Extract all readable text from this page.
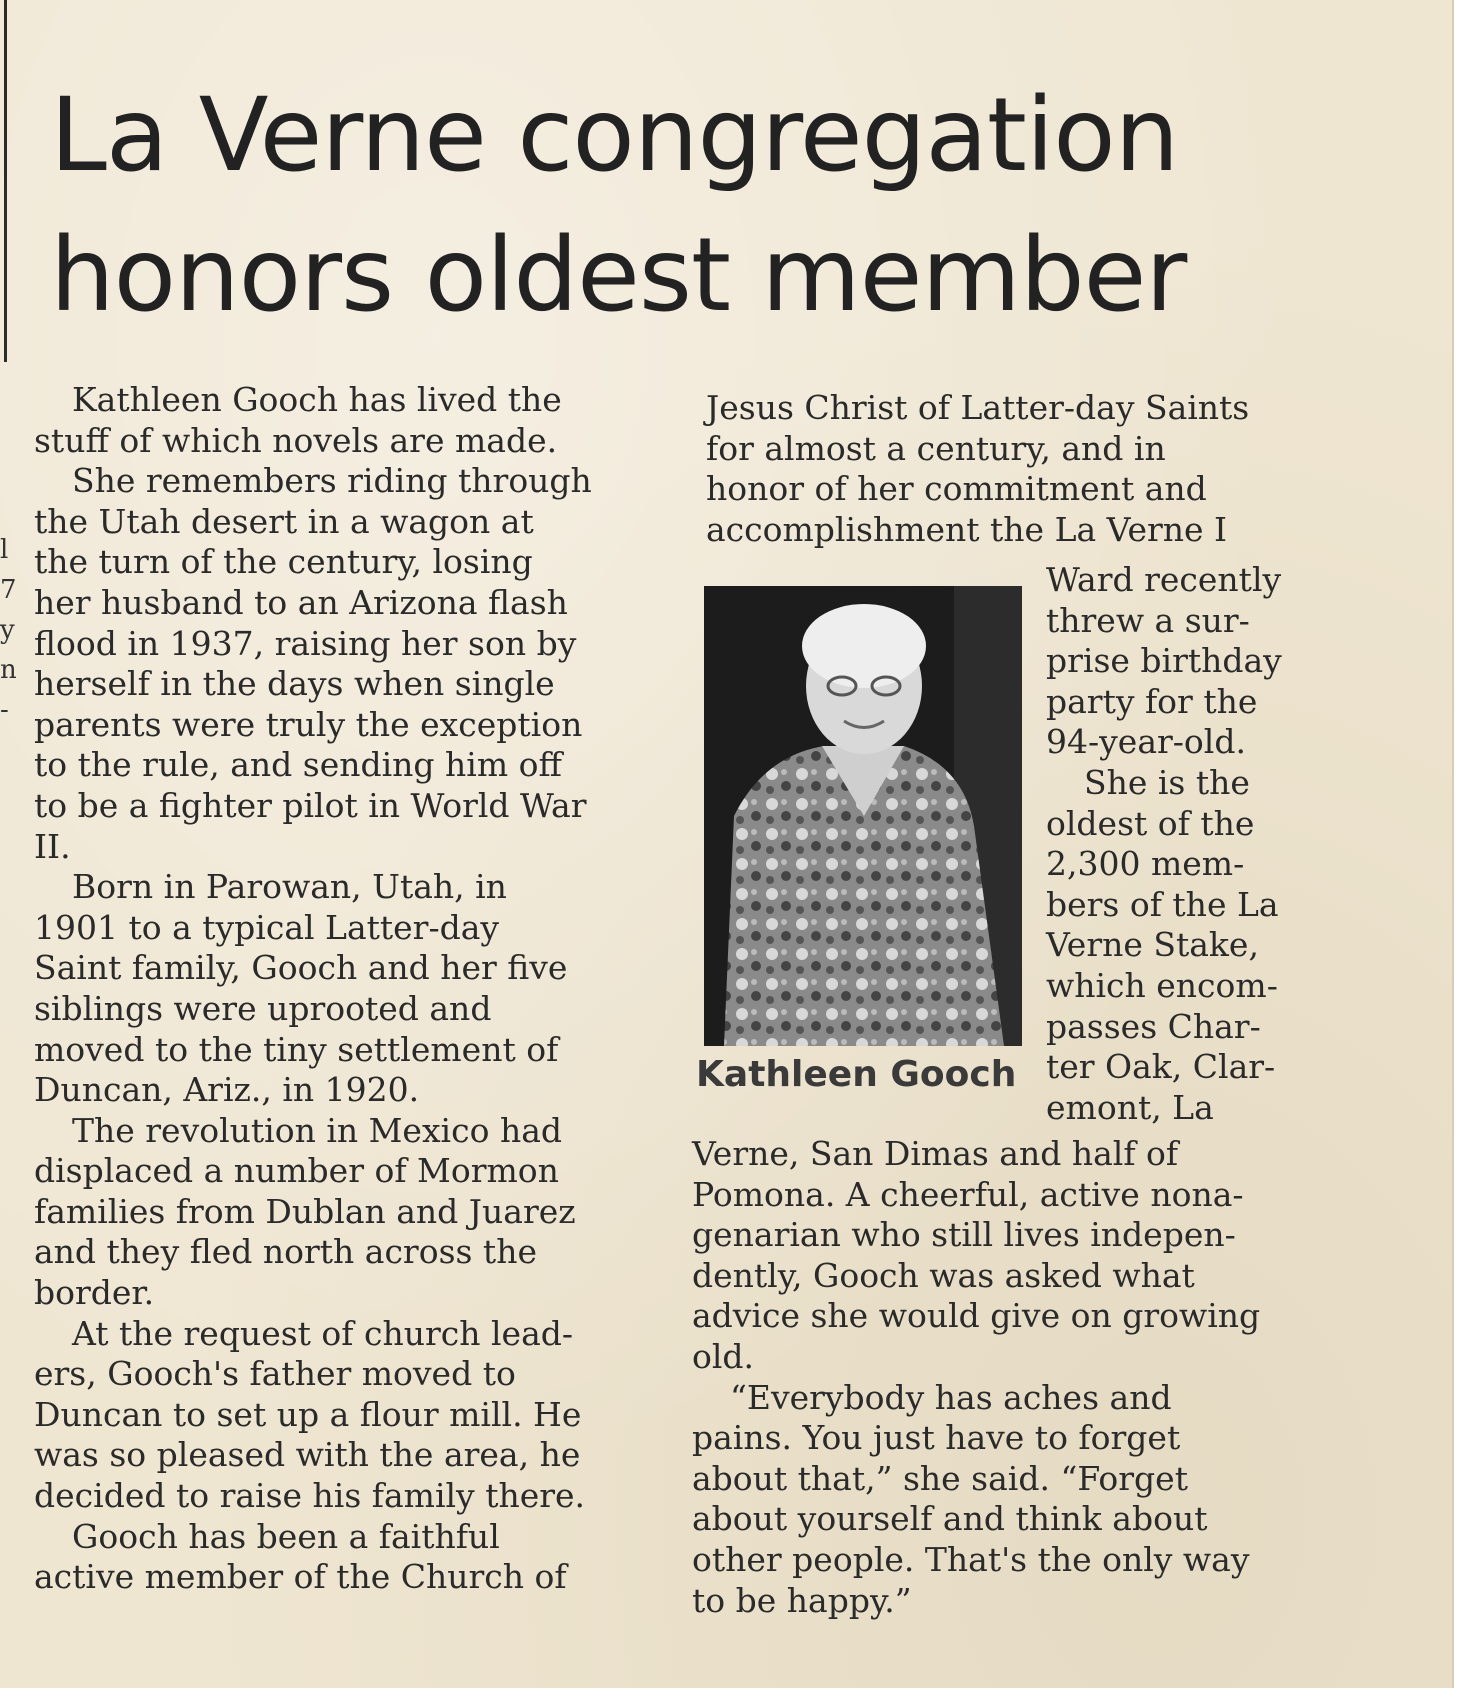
l
7
y
n
-
La Verne congregation
honors oldest member

Kathleen Gooch has lived the

stuff of which novels are made.

She remembers riding through

the Utah desert in a wagon at

the turn of the century, losing

her husband to an Arizona flash

flood in 1937, raising her son by

herself in the days when single

parents were truly the exception

to the rule, and sending him off

to be a fighter pilot in World War

II.

Born in Parowan, Utah, in

1901 to a typical Latter-day

Saint family, Gooch and her five

siblings were uprooted and

moved to the tiny settlement of

Duncan, Ariz., in 1920.

The revolution in Mexico had

displaced a number of Mormon

families from Dublan and Juarez

and they fled north across the

border.

At the request of church lead-

ers, Gooch's father moved to

Duncan to set up a flour mill. He

was so pleased with the area, he

decided to raise his family there.

Gooch has been a faithful

active member of the Church of

Jesus Christ of Latter-day Saints

for almost a century, and in

honor of her commitment and

accomplishment the La Verne I

Ward recently

threw a sur-

prise birthday

party for the

94-year-old.

She is the

oldest of the

2,300 mem-

bers of the La

Verne Stake,

which encom-

passes Char-

ter Oak, Clar-

emont, La

Verne, San Dimas and half of

Pomona. A cheerful, active nona-

genarian who still lives indepen-

dently, Gooch was asked what

advice she would give on growing

old.

“Everybody has aches and

pains. You just have to forget

about that,” she said. “Forget

about yourself and think about

other people. That's the only way

to be happy.”

Kathleen Gooch
